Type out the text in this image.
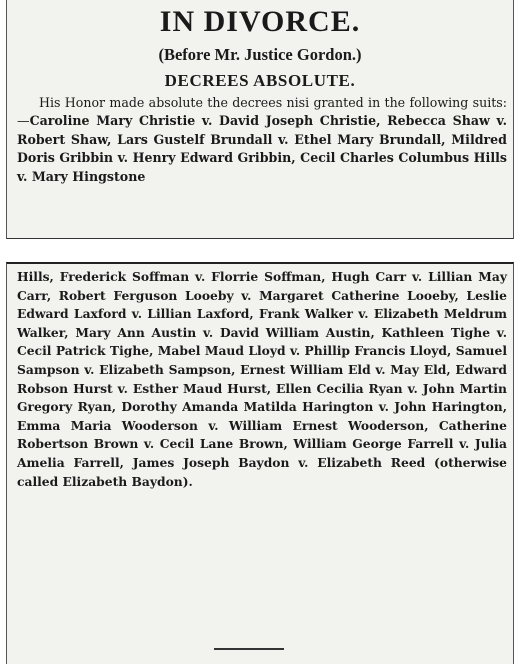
IN DIVORCE.
(Before Mr. Justice Gordon.)
DECREES ABSOLUTE.

His Honor made absolute the decrees nisi granted in the following suits:—Caroline Mary Christie v. David Joseph Christie, Rebecca Shaw v. Robert Shaw, Lars Gustelf Brundall v. Ethel Mary Brundall, Mildred Doris Gribbin v. Henry Edward Gribbin, Cecil Charles Columbus Hills v. Mary Hingstone

Hills, Frederick Soffman v. Florrie Soffman, Hugh Carr v. Lillian May Carr, Robert Ferguson Looeby v. Margaret Catherine Looeby, Leslie Edward Laxford v. Lillian Laxford, Frank Walker v. Elizabeth Meldrum Walker, Mary Ann Austin v. David William Austin, Kathleen Tighe v. Cecil Patrick Tighe, Mabel Maud Lloyd v. Phillip Francis Lloyd, Samuel Sampson v. Elizabeth Sampson, Ernest William Eld v. May Eld, Edward Robson Hurst v. Esther Maud Hurst, Ellen Cecilia Ryan v. John Martin Gregory Ryan, Dorothy Amanda Matilda Harington v. John Harington, Emma Maria Wooderson v. William Ernest Wooderson, Catherine Robertson Brown v. Cecil Lane Brown, William George Farrell v. Julia Amelia Farrell, James Joseph Baydon v. Elizabeth Reed (otherwise called Elizabeth Baydon).
